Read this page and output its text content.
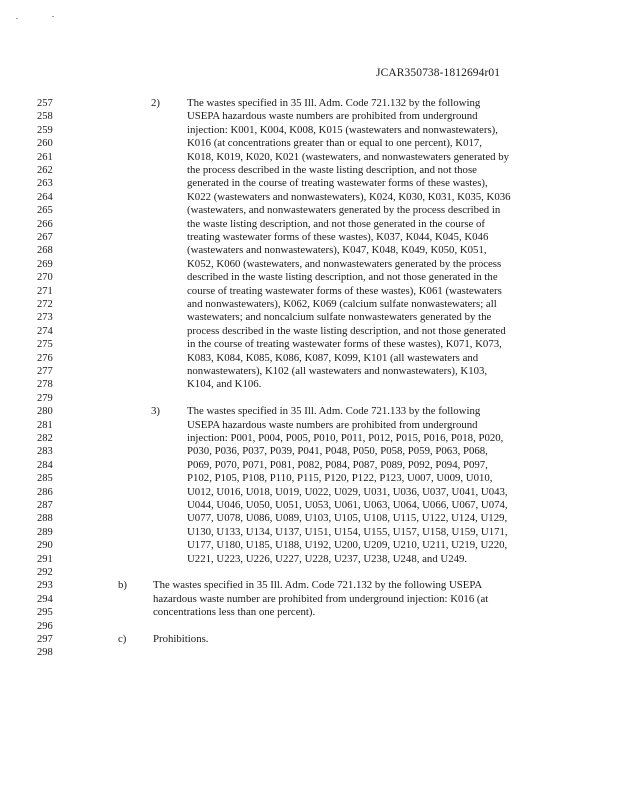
JCAR350738-1812694r01
257
258
259
260
261
262
263
264
265
266
267
268
269
270
271
272
273
274
275
276
277
278
279
280
281
282
283
284
285
286
287
288
289
290
291
292
293
294
295
296
297
298
2)	The wastes specified in 35 Ill. Adm. Code 721.132 by the following
USEPA hazardous waste numbers are prohibited from underground
injection: K001, K004, K008, K015 (wastewaters and nonwastewaters),
K016 (at concentrations greater than or equal to one percent), K017,
K018, K019, K020, K021 (wastewaters, and nonwastewaters generated by
the process described in the waste listing description, and not those
generated in the course of treating wastewater forms of these wastes),
K022 (wastewaters and nonwastewaters), K024, K030, K031, K035, K036
(wastewaters, and nonwastewaters generated by the process described in
the waste listing description, and not those generated in the course of
treating wastewater forms of these wastes), K037, K044, K045, K046
(wastewaters and nonwastewaters), K047, K048, K049, K050, K051,
K052, K060 (wastewaters, and nonwastewaters generated by the process
described in the waste listing description, and not those generated in the
course of treating wastewater forms of these wastes), K061 (wastewaters
and nonwastewaters), K062, K069 (calcium sulfate nonwastewaters; all
wastewaters; and noncalcium sulfate nonwastewaters generated by the
process described in the waste listing description, and not those generated
in the course of treating wastewater forms of these wastes), K071, K073,
K083, K084, K085, K086, K087, K099, K101 (all wastewaters and
nonwastewaters), K102 (all wastewaters and nonwastewaters), K103,
K104, and K106.
3)	The wastes specified in 35 Ill. Adm. Code 721.133 by the following
USEPA hazardous waste numbers are prohibited from underground
injection: P001, P004, P005, P010, P011, P012, P015, P016, P018, P020,
P030, P036, P037, P039, P041, P048, P050, P058, P059, P063, P068,
P069, P070, P071, P081, P082, P084, P087, P089, P092, P094, P097,
P102, P105, P108, P110, P115, P120, P122, P123, U007, U009, U010,
U012, U016, U018, U019, U022, U029, U031, U036, U037, U041, U043,
U044, U046, U050, U051, U053, U061, U063, U064, U066, U067, U074,
U077, U078, U086, U089, U103, U105, U108, U115, U122, U124, U129,
U130, U133, U134, U137, U151, U154, U155, U157, U158, U159, U171,
U177, U180, U185, U188, U192, U200, U209, U210, U211, U219, U220,
U221, U223, U226, U227, U228, U237, U238, U248, and U249.
b) The wastes specified in 35 Ill. Adm. Code 721.132 by the following USEPA
hazardous waste number are prohibited from underground injection: K016 (at
concentrations less than one percent).
c) Prohibitions.
